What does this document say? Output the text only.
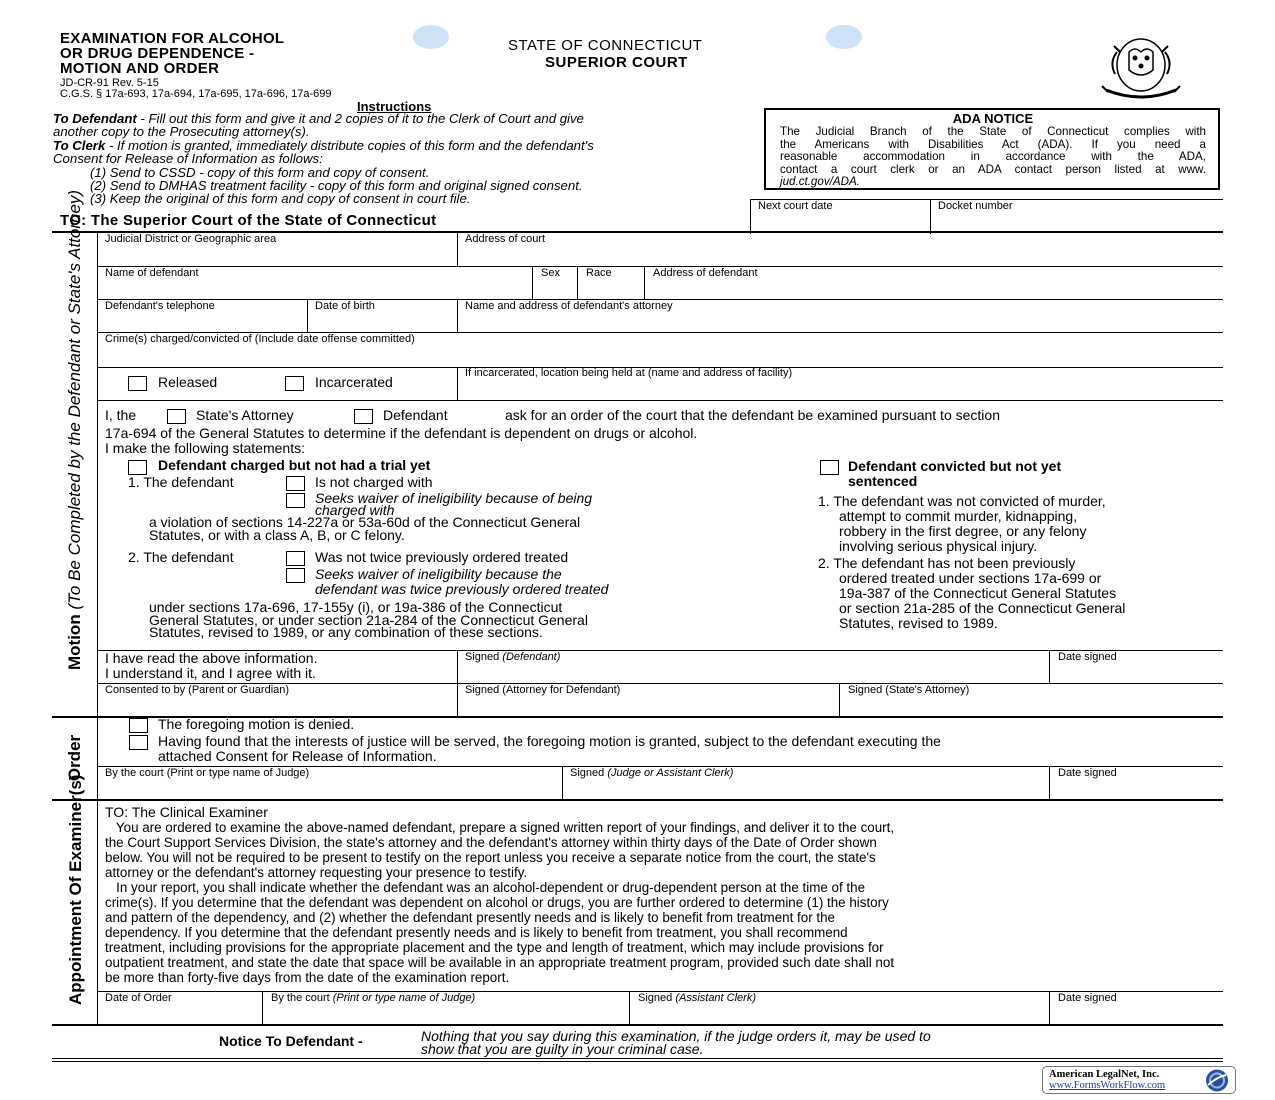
EXAMINATION FOR ALCOHOL
OR DRUG DEPENDENCE -
MOTION AND ORDER
JD-CR-91 Rev. 5-15
C.G.S. § 17a-693, 17a-694, 17a-695, 17a-696, 17a-699
STATE OF CONNECTICUT
SUPERIOR COURT
Instructions
To Defendant - Fill out this form and give it and 2 copies of it to the Clerk of Court and give
another copy to the Prosecuting attorney(s).
To Clerk - If motion is granted, immediately distribute copies of this form and the defendant's
Consent for Release of Information as follows:
(1) Send to CSSD - copy of this form and copy of consent.
(2) Send to DMHAS treatment facility - copy of this form and original signed consent.
(3) Keep the original of this form and copy of consent in court file.
ADA NOTICE
The Judicial Branch of the State of Connecticut complies with
the Americans with Disabilities Act (ADA). If you need a
reasonable accommodation in accordance with the ADA,
contact a court clerk or an ADA contact person listed at www.
jud.ct.gov/ADA.
TO: The Superior Court of the State of Connecticut
Next court date	Docket number
Judicial District or Geographic area	Address of court
Name of defendant	Sex Race	Address of defendant
Defendant's telephone	Date of birth	Name and address of defendant's attorney
Crime(s) charged/convicted of (Include date offense committed)
Released	Incarcerated
If incarcerated, location being held at (name and address of facility)
Motion (To Be Completed by the Defendant or State's Attorney) I, the	State's Attorney	Defendant	ask for an order of the court that the defendant be examined pursuant to section
17a-694 of the General Statutes to determine if the defendant is dependent on drugs or alcohol.
I make the following statements:
Defendant charged but not had a trial yet
1. The defendant	Is not charged with
Seeks waiver of ineligibility because of being
charged with
a violation of sections 14-227a or 53a-60d of the Connecticut General
Statutes, or with a class A, B, or C felony.
2. The defendant	Was not twice previously ordered treated
Seeks waiver of ineligibility because the
defendant was twice previously ordered treated
under sections 17a-696, 17-155y (i), or 19a-386 of the Connecticut
General Statutes, or under section 21a-284 of the Connecticut General
Statutes, revised to 1989, or any combination of these sections.
Defendant convicted but not yet
sentenced
1. The defendant was not convicted of murder,
attempt to commit murder, kidnapping,
robbery in the first degree, or any felony
involving serious physical injury.
2. The defendant has not been previously
ordered treated under sections 17a-699 or
19a-387 of the Connecticut General Statutes
or section 21a-285 of the Connecticut General
Statutes, revised to 1989.
I have read the above information.
I understand it, and I agree with it.
Signed (Defendant)	Date signed
Consented to by (Parent or Guardian)	Signed (Attorney for Defendant)	Signed (State's Attorney)
Order
The foregoing motion is denied.
Having found that the interests of justice will be served, the foregoing motion is granted, subject to the defendant executing the
attached Consent for Release of Information.
By the court (Print or type name of Judge)	Signed (Judge or Assistant Clerk)	Date signed
Appointment Of Examiner(s) TO: The Clinical Examiner
You are ordered to examine the above-named defendant, prepare a signed written report of your findings, and deliver it to the court,
the Court Support Services Division, the state's attorney and the defendant's attorney within thirty days of the Date of Order shown
below. You will not be required to be present to testify on the report unless you receive a separate notice from the court, the state's
attorney or the defendant's attorney requesting your presence to testify.
In your report, you shall indicate whether the defendant was an alcohol-dependent or drug-dependent person at the time of the
crime(s). If you determine that the defendant was dependent on alcohol or drugs, you are further ordered to determine (1) the history
and pattern of the dependency, and (2) whether the defendant presently needs and is likely to benefit from treatment for the
dependency. If you determine that the defendant presently needs and is likely to benefit from treatment, you shall recommend
treatment, including provisions for the appropriate placement and the type and length of treatment, which may include provisions for
outpatient treatment, and state the date that space will be available in an appropriate treatment program, provided such date shall not
be more than forty-five days from the date of the examination report.
Date of Order	By the court (Print or type name of Judge)	Signed (Assistant Clerk)	Date signed
Notice To Defendant -	Nothing that you say during this examination, if the judge orders it, may be used to
show that you are guilty in your criminal case.
American LegalNet, Inc.
www.FormsWorkFlow.com
